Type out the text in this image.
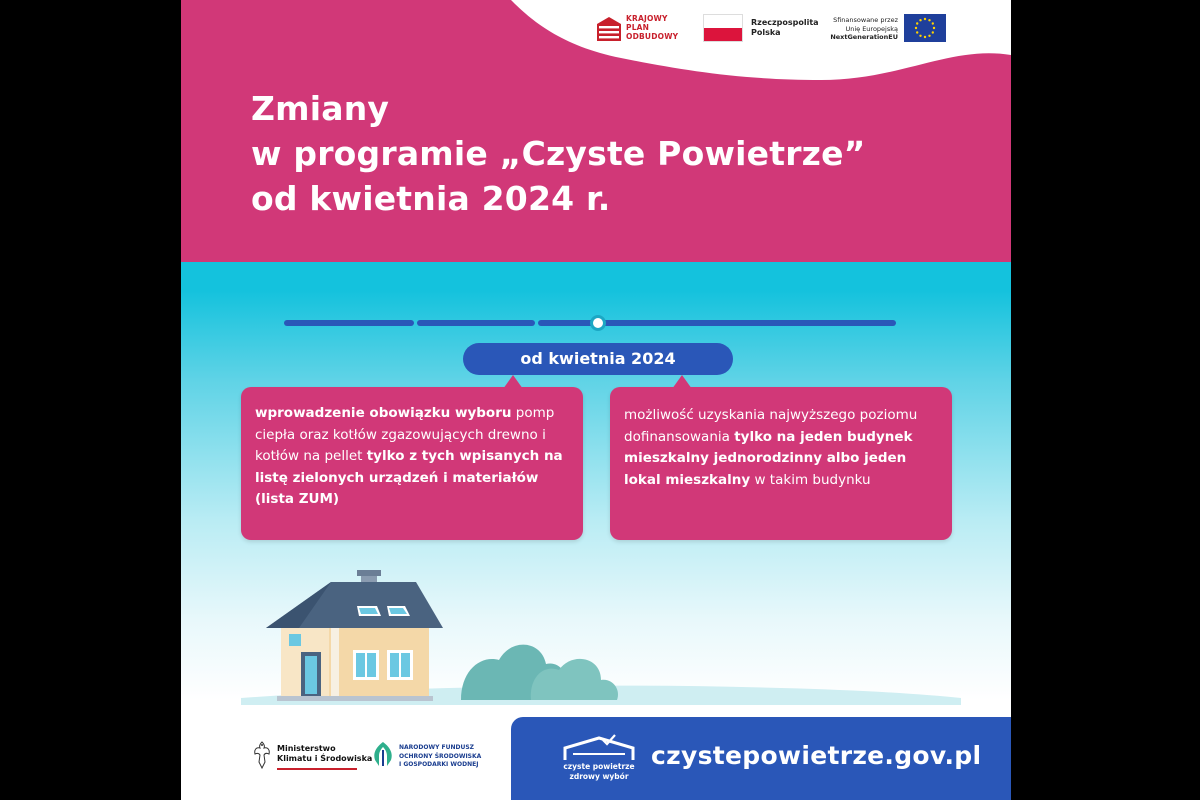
KRAJOWY
PLAN
ODBUDOWY
Rzeczpospolita
Polska
Sfinansowane przez
Unię Europejską
NextGenerationEU
Zmiany
w programie „Czyste Powietrze”
od kwietnia 2024 r.
od kwietnia 2024
wprowadzenie obowiązku wyboru pomp ciepła oraz kotłów zgazowujących drewno i kotłów na pellet tylko z tych wpisanych na listę zielonych urządzeń i materiałów (lista ZUM)
możliwość uzyskania najwyższego poziomu dofinansowania tylko na jeden budynek mieszkalny jednorodzinny albo jeden lokal mieszkalny w takim budynku
Ministerstwo
Klimatu i Środowiska
NARODOWY FUNDUSZ
OCHRONY ŚRODOWISKA
I GOSPODARKI WODNEJ	czyste powietrze
zdrowy wybór
czystepowietrze.gov.pl
